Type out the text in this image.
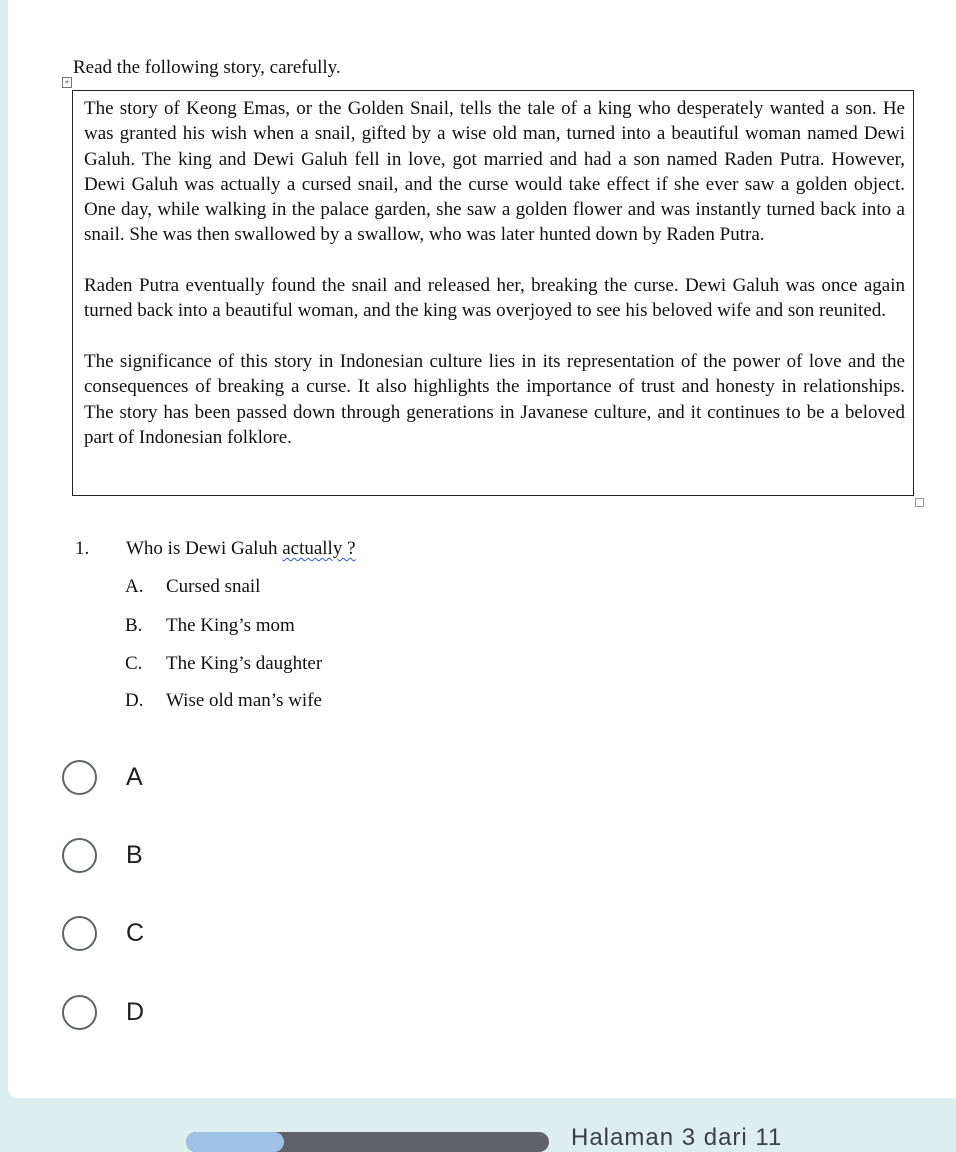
Read the following story, carefully.
+

The story of Keong Emas, or the Golden Snail, tells the tale of a king who desperately wanted a son. He was granted his wish when a snail, gifted by a wise old man, turned into a beautiful woman named Dewi Galuh. The king and Dewi Galuh fell in love, got married and had a son named Raden Putra. However, Dewi Galuh was actually a cursed snail, and the curse would take effect if she ever saw a golden object. One day, while walking in the palace garden, she saw a golden flower and was instantly turned back into a snail. She was then swallowed by a swallow, who was later hunted down by Raden Putra.

Raden Putra eventually found the snail and released her, breaking the curse. Dewi Galuh was once again turned back into a beautiful woman, and the king was overjoyed to see his beloved wife and son reunited.

The significance of this story in Indonesian culture lies in its representation of the power of love and the consequences of breaking a curse. It also highlights the importance of trust and honesty in relationships. The story has been passed down through generations in Javanese culture, and it continues to be a beloved part of Indonesian folklore.

1. Who is Dewi Galuh actually ?
A. Cursed snail
B. The King’s mom
C. The King’s daughter
D. Wise old man’s wife
A
B
C
D
Halaman 3 dari 11
